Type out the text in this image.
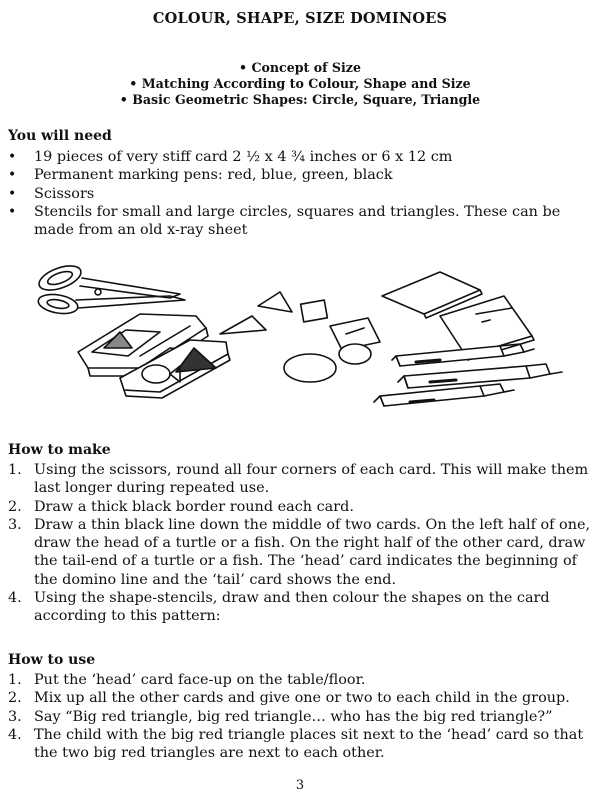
COLOUR, SHAPE, SIZE DOMINOES
• Concept of Size
• Matching According to Colour, Shape and Size
• Basic Geometric Shapes: Circle, Square, Triangle
You will need
• 19 pieces of very stiff card 2 ½ x 4 ¾ inches or 6 x 12 cm
• Permanent marking pens: red, blue, green, black
• Scissors
• Stencils for small and large circles, squares and triangles. These can be made from an old x-ray sheet
How to make
1. Using the scissors, round all four corners of each card. This will make them last longer during repeated use.
2. Draw a thick black border round each card.
3. Draw a thin black line down the middle of two cards. On the left half of one, draw the head of a turtle or a fish. On the right half of the other card, draw the tail-end of a turtle or a fish. The ‘head’ card indicates the beginning of the domino line and the ‘tail’ card shows the end.
4. Using the shape-stencils, draw and then colour the shapes on the card according to this pattern:
How to use
1. Put the ‘head’ card face-up on the table/floor.
2. Mix up all the other cards and give one or two to each child in the group.
3. Say “Big red triangle, big red triangle… who has the big red triangle?”
4. The child with the big red triangle places sit next to the ‘head’ card so that the two big red triangles are next to each other.
3
